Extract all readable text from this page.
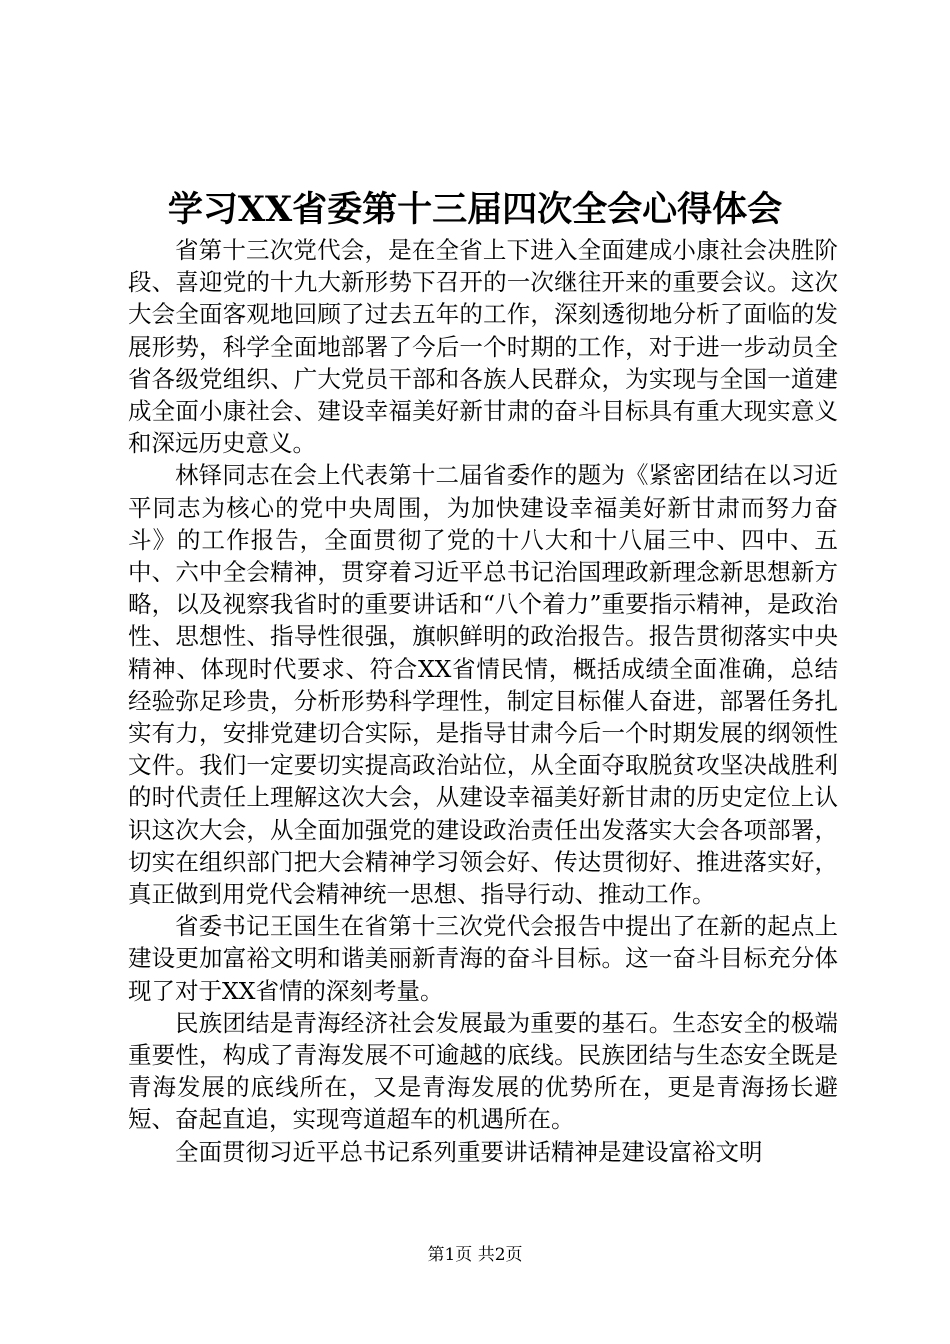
学习XX省委第十三届四次全会心得体会

省第十三次党代会，是在全省上下进入全面建成小康社会决胜阶段、喜迎党的十九大新形势下召开的一次继往开来的重要会议。这次大会全面客观地回顾了过去五年的工作，深刻透彻地分析了面临的发展形势，科学全面地部署了今后一个时期的工作，对于进一步动员全省各级党组织、广大党员干部和各族人民群众，为实现与全国一道建成全面小康社会、建设幸福美好新甘肃的奋斗目标具有重大现实意义和深远历史意义。

林铎同志在会上代表第十二届省委作的题为《紧密团结在以习近平同志为核心的党中央周围，为加快建设幸福美好新甘肃而努力奋斗》的工作报告，全面贯彻了党的十八大和十八届三中、四中、五中、六中全会精神，贯穿着习近平总书记治国理政新理念新思想新方略，以及视察我省时的重要讲话和“八个着力”重要指示精神，是政治性、思想性、指导性很强，旗帜鲜明的政治报告。报告贯彻落实中央精神、体现时代要求、符合XX省情民情，概括成绩全面准确，总结经验弥足珍贵，分析形势科学理性，制定目标催人奋进，部署任务扎实有力，安排党建切合实际，是指导甘肃今后一个时期发展的纲领性文件。我们一定要切实提高政治站位，从全面夺取脱贫攻坚决战胜利的时代责任上理解这次大会，从建设幸福美好新甘肃的历史定位上认识这次大会，从全面加强党的建设政治责任出发落实大会各项部署，切实在组织部门把大会精神学习领会好、传达贯彻好、推进落实好，真正做到用党代会精神统一思想、指导行动、推动工作。

省委书记王国生在省第十三次党代会报告中提出了在新的起点上建设更加富裕文明和谐美丽新青海的奋斗目标。这一奋斗目标充分体现了对于XX省情的深刻考量。

民族团结是青海经济社会发展最为重要的基石。生态安全的极端重要性，构成了青海发展不可逾越的底线。民族团结与生态安全既是青海发展的底线所在，又是青海发展的优势所在，更是青海扬长避短、奋起直追，实现弯道超车的机遇所在。

全面贯彻习近平总书记系列重要讲话精神是建设富裕文明

第1页 共2页
